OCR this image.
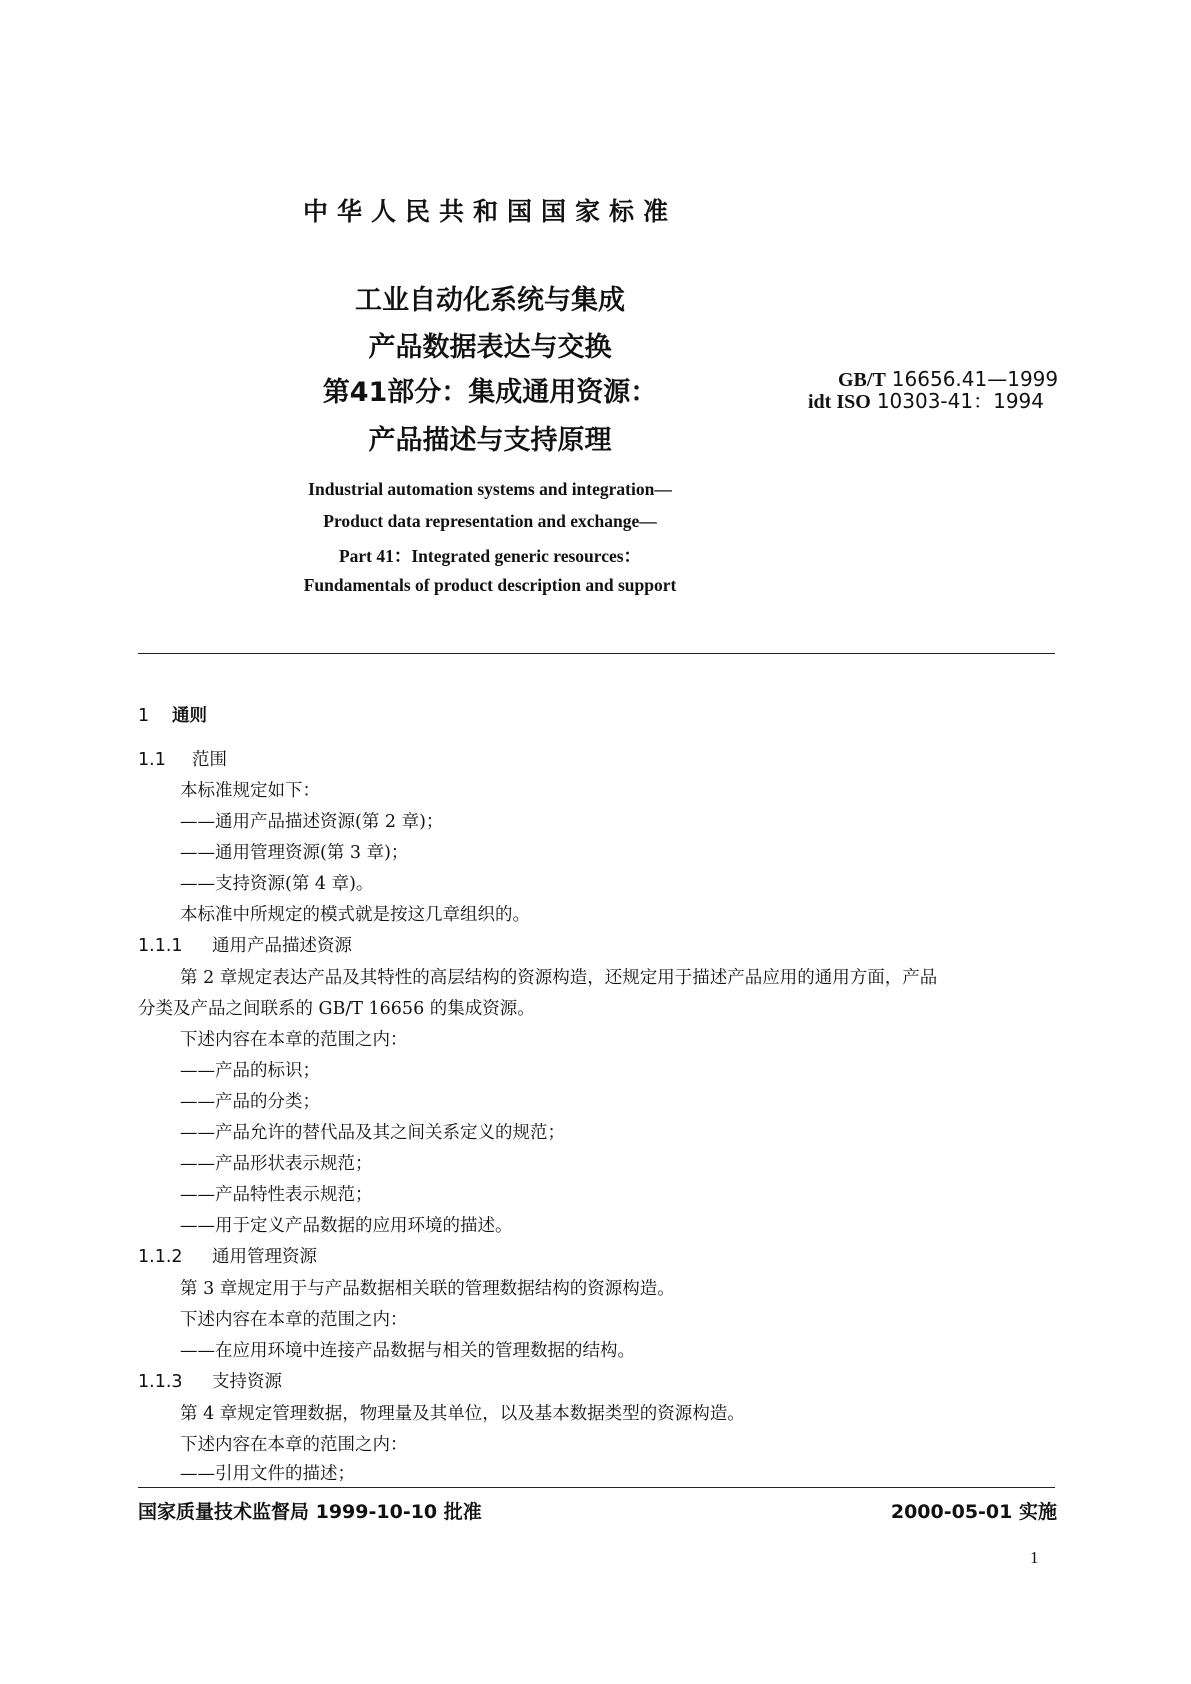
中华人民共和国国家标准
工业自动化系统与集成
产品数据表达与交换
第41部分：集成通用资源：
产品描述与支持原理
GB/T 16656.41—1999
idt ISO 10303-41：1994
Industrial automation systems and integration—
Product data representation and exchange—
Part 41：Integrated generic resources：
Fundamentals of product description and support
1 通则
1.1 范围
本标准规定如下：
——通用产品描述资源(第 2 章)；
——通用管理资源(第 3 章)；
——支持资源(第 4 章)。
本标准中所规定的模式就是按这几章组织的。
1.1.1 通用产品描述资源
第 2 章规定表达产品及其特性的高层结构的资源构造，还规定用于描述产品应用的通用方面，产品
分类及产品之间联系的 GB/T 16656 的集成资源。
下述内容在本章的范围之内：
——产品的标识；
——产品的分类；
——产品允许的替代品及其之间关系定义的规范；
——产品形状表示规范；
——产品特性表示规范；
——用于定义产品数据的应用环境的描述。
1.1.2 通用管理资源
第 3 章规定用于与产品数据相关联的管理数据结构的资源构造。
下述内容在本章的范围之内：
——在应用环境中连接产品数据与相关的管理数据的结构。
1.1.3 支持资源
第 4 章规定管理数据，物理量及其单位，以及基本数据类型的资源构造。
下述内容在本章的范围之内：
——引用文件的描述；
国家质量技术监督局 1999-10-10 批准	2000-05-01 实施
1
